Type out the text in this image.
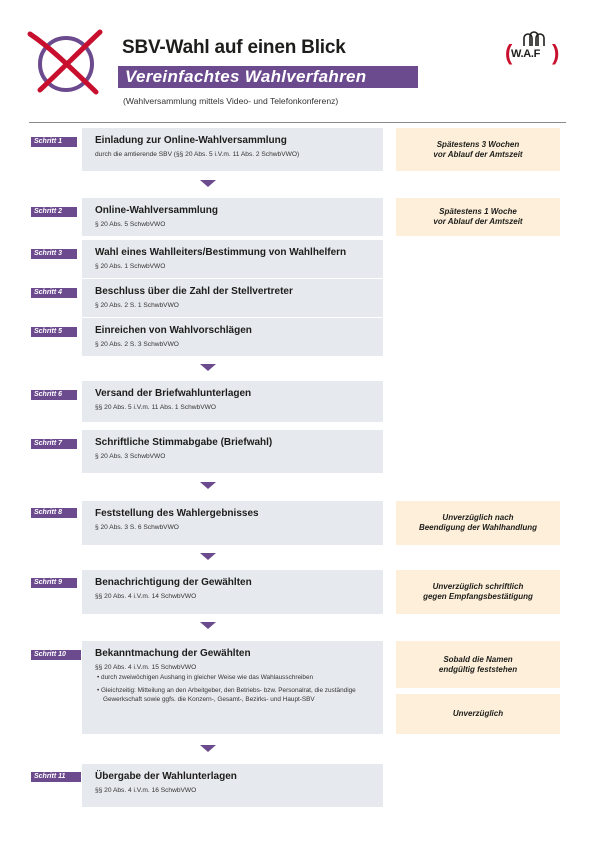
SBV-Wahl auf einen Blick
Vereinfachtes Wahlverfahren
(Wahlversammlung mittels Video- und Telefonkonferenz)
(
W.A.F )
Schritt 1	Einladung zur Online-Wahlversammlung
durch die amtierende SBV (§§ 20 Abs. 5 i.V.m. 11 Abs. 2 SchwbVWO)
Spätestens 3 Wochen
vor Ablauf der Amtszeit
Schritt 2	Online-Wahlversammlung
§ 20 Abs. 5 SchwbVWO
Spätestens 1 Woche
vor Ablauf der Amtszeit
Schritt 3	Wahl eines Wahlleiters/Bestimmung von Wahlhelfern
§ 20 Abs. 1 SchwbVWO
Schritt 4	Beschluss über die Zahl der Stellvertreter
§ 20 Abs. 2 S. 1 SchwbVWO
Schritt 5	Einreichen von Wahlvorschlägen
§ 20 Abs. 2 S. 3 SchwbVWO
Schritt 6	Versand der Briefwahlunterlagen
§§ 20 Abs. 5 i.V.m. 11 Abs. 1 SchwbVWO
Schritt 7	Schriftliche Stimmabgabe (Briefwahl)
§ 20 Abs. 3 SchwbVWO
Schritt 8	Feststellung des Wahlergebnisses
§ 20 Abs. 3 S. 6 SchwbVWO
Unverzüglich nach
Beendigung der Wahlhandlung
Schritt 9	Benachrichtigung der Gewählten
§§ 20 Abs. 4 i.V.m. 14 SchwbVWO
Unverzüglich schriftlich
gegen Empfangsbestätigung
Schritt 10	Bekanntmachung der Gewählten
§§ 20 Abs. 4 i.V.m. 15 SchwbVWO
• durch zweiwöchigen Aushang in gleicher Weise wie das Wahlausschreiben
• Gleichzeitig: Mitteilung an den Arbeitgeber, den Betriebs- bzw. Personalrat, die zuständige Gewerkschaft sowie ggfs. die Konzern-, Gesamt-, Bezirks- und Haupt-SBV
Sobald die Namen
endgültig feststehen
Unverzüglich
Schritt 11	Übergabe der Wahlunterlagen
§§ 20 Abs. 4 i.V.m. 16 SchwbVWO
